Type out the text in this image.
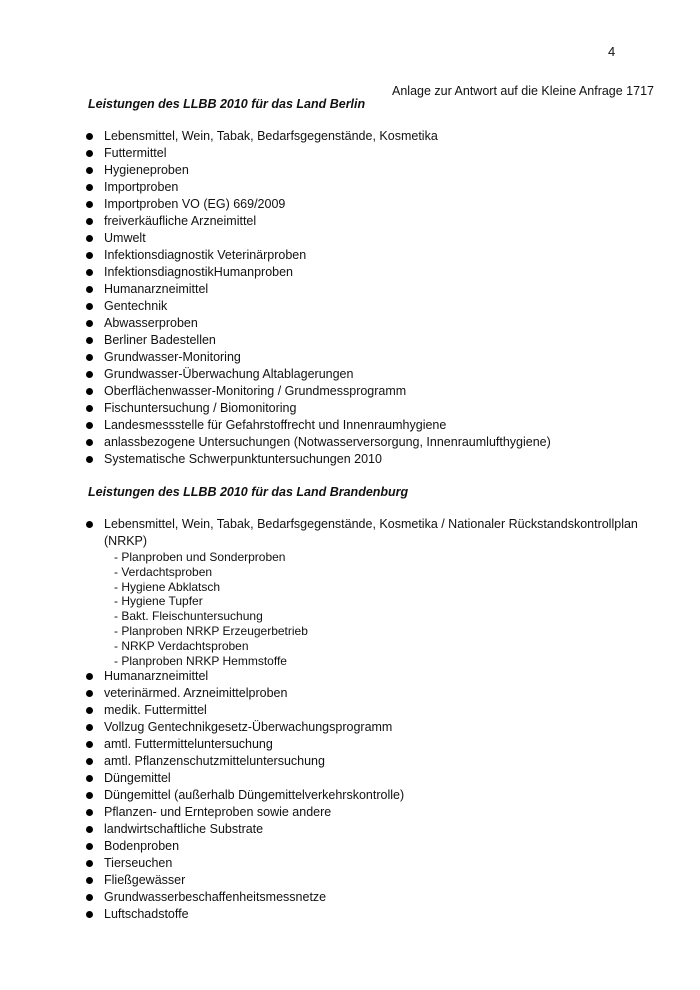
4
Anlage zur Antwort auf die Kleine Anfrage 1717
Leistungen des LLBB 2010 für das Land Berlin
Lebensmittel, Wein, Tabak, Bedarfsgegenstände, Kosmetika
Futtermittel
Hygieneproben
Importproben
Importproben VO (EG) 669/2009
freiverkäufliche Arzneimittel
Umwelt
Infektionsdiagnostik Veterinärproben
InfektionsdiagnostikHumanproben
Humanarzneimittel
Gentechnik
Abwasserproben
Berliner Badestellen
Grundwasser-Monitoring
Grundwasser-Überwachung Altablagerungen
Oberflächenwasser-Monitoring / Grundmessprogramm
Fischuntersuchung / Biomonitoring
Landesmessstelle für Gefahrstoffrecht und Innenraumhygiene
anlassbezogene Untersuchungen (Notwasserversorgung, Innenraumlufthygiene)
Systematische Schwerpunktuntersuchungen 2010
Leistungen des LLBB 2010 für das Land Brandenburg
Lebensmittel, Wein, Tabak, Bedarfsgegenstände, Kosmetika / Nationaler Rückstandskontrollplan
(NRKP)
- Planproben und Sonderproben
- Verdachtsproben
- Hygiene Abklatsch
- Hygiene Tupfer
- Bakt. Fleischuntersuchung
- Planproben NRKP Erzeugerbetrieb
- NRKP Verdachtsproben
- Planproben NRKP Hemmstoffe
Humanarzneimittel
veterinärmed. Arzneimittelproben
medik. Futtermittel
Vollzug Gentechnikgesetz-Überwachungsprogramm
amtl. Futtermitteluntersuchung
amtl. Pflanzenschutzmitteluntersuchung
Düngemittel
Düngemittel (außerhalb Düngemittelverkehrskontrolle)
Pflanzen- und Ernteproben sowie andere
landwirtschaftliche Substrate
Bodenproben
Tierseuchen
Fließgewässer
Grundwasserbeschaffenheitsmessnetze
Luftschadstoffe
